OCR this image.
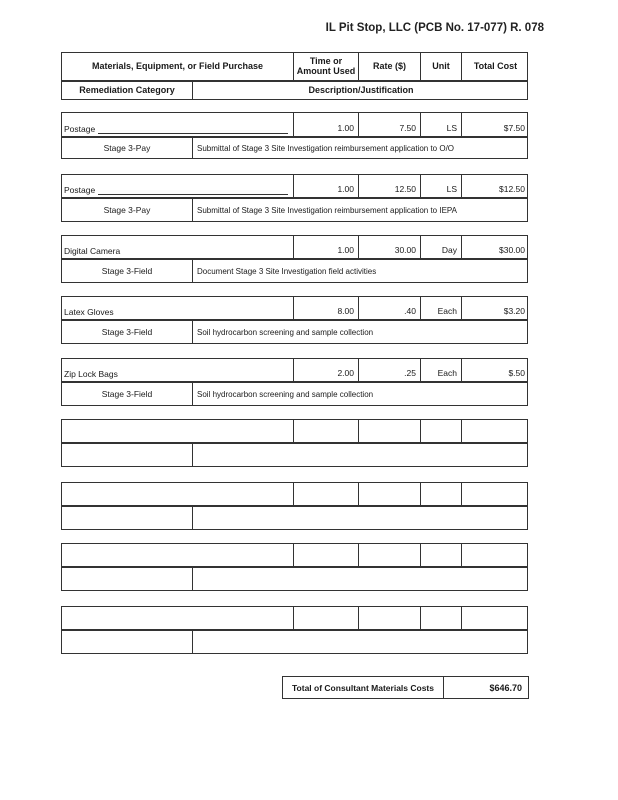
IL Pit Stop, LLC (PCB No. 17-077) R. 078
Materials, Equipment, or Field Purchase	Time or Amount Used	Rate ($)	Unit	Total Cost
Remediation Category	Description/Justification
Postage	1.00	7.50	LS	$7.50
Stage 3-Pay	Submittal of Stage 3 Site Investigation reimbursement application to O/O
Postage	1.00	12.50	LS	$12.50
Stage 3-Pay	Submittal of Stage 3 Site Investigation reimbursement application to IEPA
Digital Camera	1.00	30.00	Day	$30.00
Stage 3-Field	Document Stage 3 Site Investigation field activities
Latex Gloves	8.00	.40	Each	$3.20
Stage 3-Field	Soil hydrocarbon screening and sample collection
Zip Lock Bags	2.00	.25	Each	$.50
Stage 3-Field	Soil hydrocarbon screening and sample collection
Total of Consultant Materials Costs	$646.70
